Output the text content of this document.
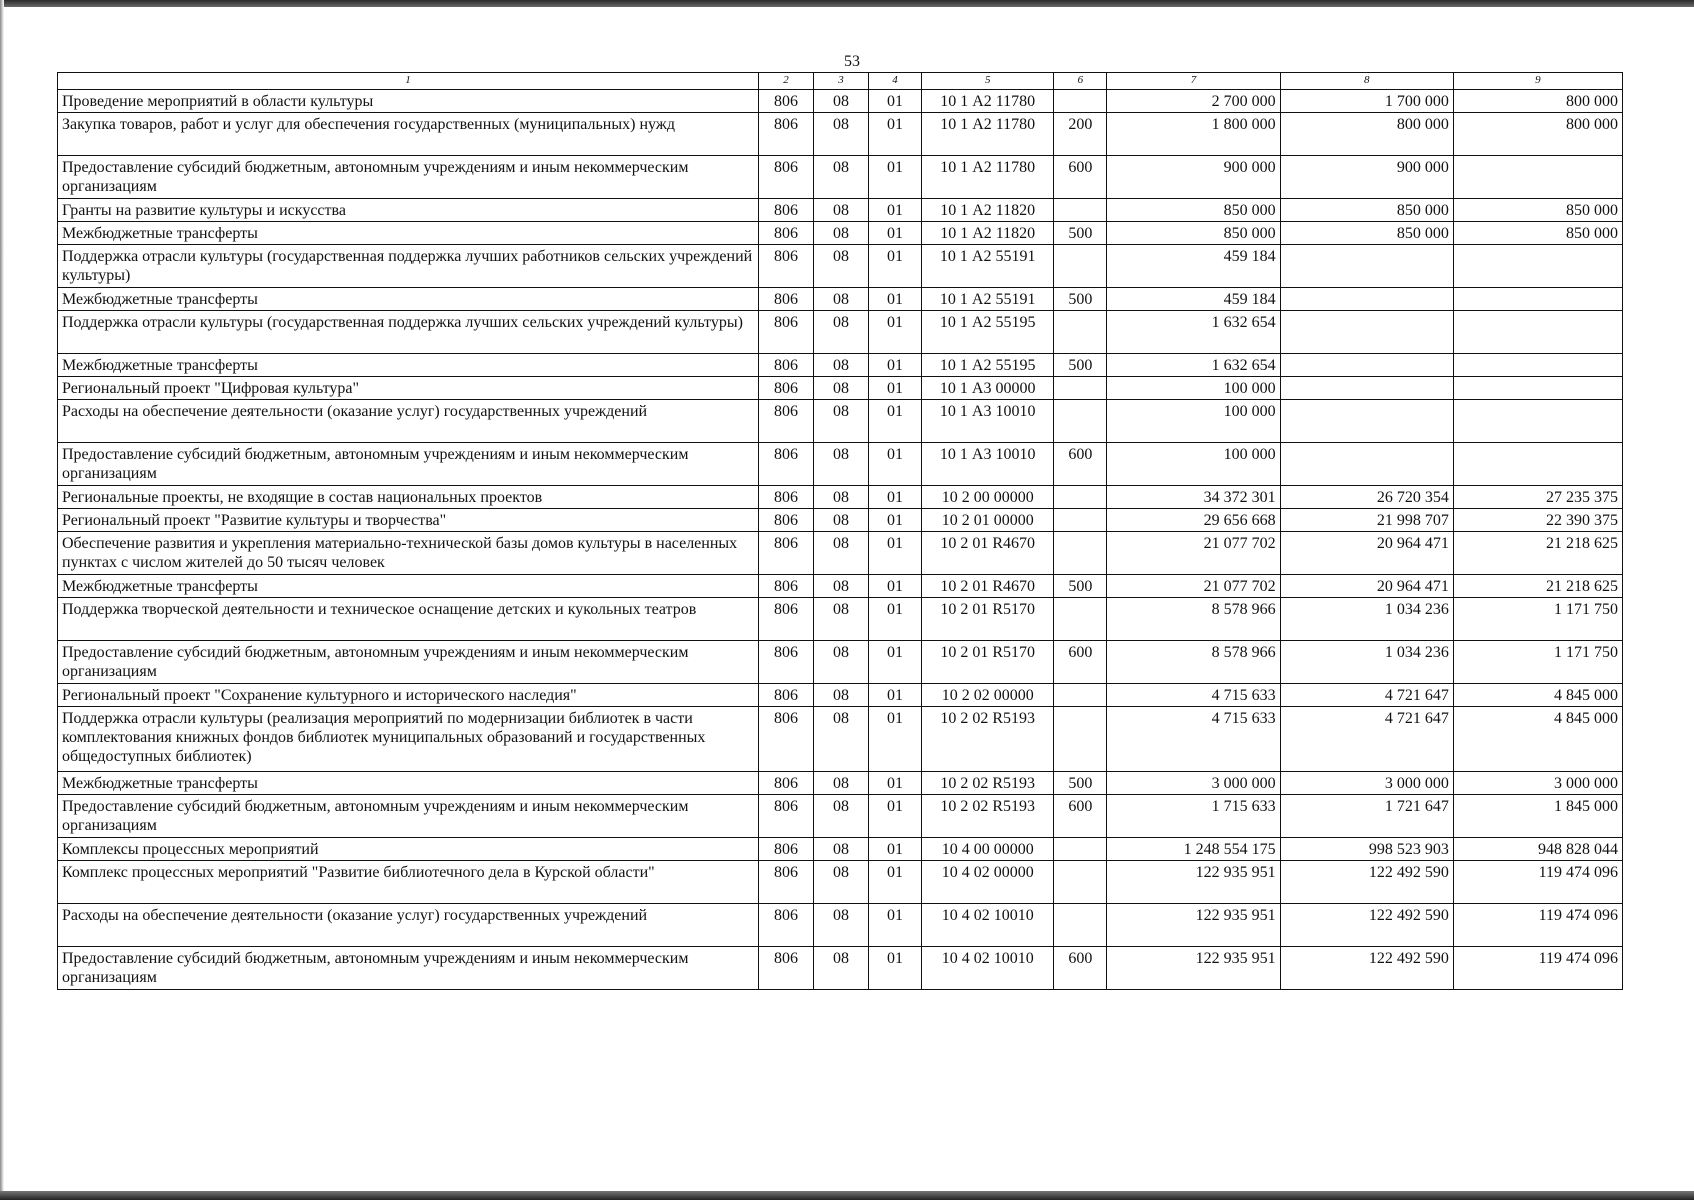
53
1	2	3	4	5	6	7	8	9
Проведение мероприятий в области культуры	806	08	01	10 1 А2 11780		2 700 000	1 700 000	800 000
Закупка товаров, работ и услуг для обеспечения государственных (муниципальных) нужд	806	08	01	10 1 А2 11780	200	1 800 000	800 000	800 000
Предоставление субсидий бюджетным, автономным учреждениям и иным некоммерческим организациям	806	08	01	10 1 А2 11780	600	900 000	900 000	
Гранты на развитие культуры и искусства	806	08	01	10 1 А2 11820		850 000	850 000	850 000
Межбюджетные трансферты	806	08	01	10 1 А2 11820	500	850 000	850 000	850 000
Поддержка отрасли культуры (государственная поддержка лучших работников сельских учреждений культуры)	806	08	01	10 1 А2 55191		459 184		
Межбюджетные трансферты	806	08	01	10 1 А2 55191	500	459 184		
Поддержка отрасли культуры (государственная поддержка лучших сельских учреждений культуры)	806	08	01	10 1 А2 55195		1 632 654		
Межбюджетные трансферты	806	08	01	10 1 А2 55195	500	1 632 654		
Региональный проект "Цифровая культура"	806	08	01	10 1 А3 00000		100 000		
Расходы на обеспечение деятельности (оказание услуг) государственных учреждений	806	08	01	10 1 А3 10010		100 000		
Предоставление субсидий бюджетным, автономным учреждениям и иным некоммерческим организациям	806	08	01	10 1 А3 10010	600	100 000		
Региональные проекты, не входящие в состав национальных проектов	806	08	01	10 2 00 00000		34 372 301	26 720 354	27 235 375
Региональный проект "Развитие культуры и творчества"	806	08	01	10 2 01 00000		29 656 668	21 998 707	22 390 375
Обеспечение развития и укрепления материально-технической базы домов культуры в населенных пунктах с числом жителей до 50 тысяч человек	806	08	01	10 2 01 R4670		21 077 702	20 964 471	21 218 625
Межбюджетные трансферты	806	08	01	10 2 01 R4670	500	21 077 702	20 964 471	21 218 625
Поддержка творческой деятельности и техническое оснащение детских и кукольных театров	806	08	01	10 2 01 R5170		8 578 966	1 034 236	1 171 750
Предоставление субсидий бюджетным, автономным учреждениям и иным некоммерческим организациям	806	08	01	10 2 01 R5170	600	8 578 966	1 034 236	1 171 750
Региональный проект "Сохранение культурного и исторического наследия"	806	08	01	10 2 02 00000		4 715 633	4 721 647	4 845 000
Поддержка отрасли культуры (реализация мероприятий по модернизации библиотек в части комплектования книжных фондов библиотек муниципальных образований и государственных общедоступных библиотек)	806	08	01	10 2 02 R5193		4 715 633	4 721 647	4 845 000
Межбюджетные трансферты	806	08	01	10 2 02 R5193	500	3 000 000	3 000 000	3 000 000
Предоставление субсидий бюджетным, автономным учреждениям и иным некоммерческим организациям	806	08	01	10 2 02 R5193	600	1 715 633	1 721 647	1 845 000
Комплексы процессных мероприятий	806	08	01	10 4 00 00000		1 248 554 175	998 523 903	948 828 044
Комплекс процессных мероприятий "Развитие библиотечного дела в Курской области"	806	08	01	10 4 02 00000		122 935 951	122 492 590	119 474 096
Расходы на обеспечение деятельности (оказание услуг) государственных учреждений	806	08	01	10 4 02 10010		122 935 951	122 492 590	119 474 096
Предоставление субсидий бюджетным, автономным учреждениям и иным некоммерческим организациям	806	08	01	10 4 02 10010	600	122 935 951	122 492 590	119 474 096
